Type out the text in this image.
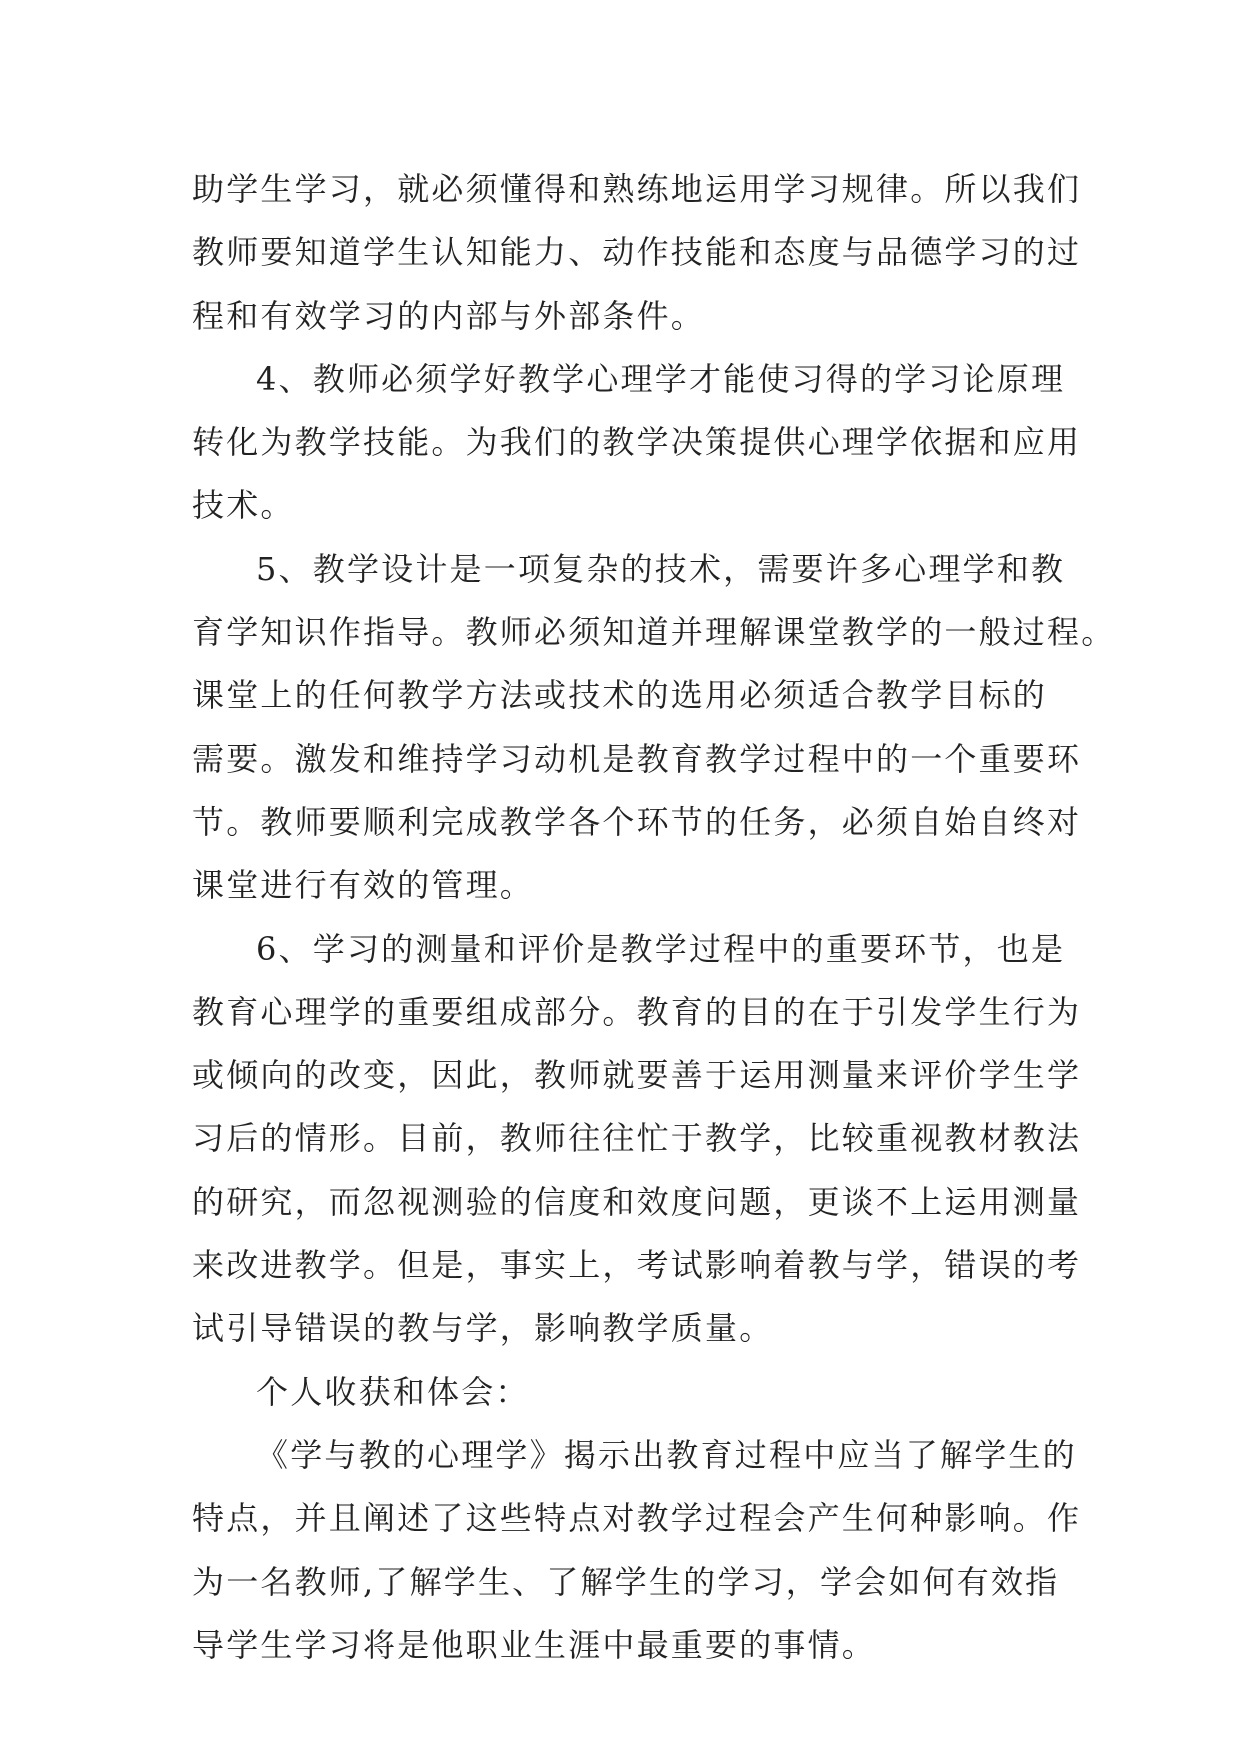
助学生学习，就必须懂得和熟练地运用学习规律。所以我们
教师要知道学生认知能力、动作技能和态度与品德学习的过
程和有效学习的内部与外部条件。
4、教师必须学好教学心理学才能使习得的学习论原理
转化为教学技能。为我们的教学决策提供心理学依据和应用
技术。
5、教学设计是一项复杂的技术，需要许多心理学和教
育学知识作指导。教师必须知道并理解课堂教学的一般过程。
课堂上的任何教学方法或技术的选用必须适合教学目标的
需要。激发和维持学习动机是教育教学过程中的一个重要环
节。教师要顺利完成教学各个环节的任务，必须自始自终对
课堂进行有效的管理。
6、学习的测量和评价是教学过程中的重要环节，也是
教育心理学的重要组成部分。教育的目的在于引发学生行为
或倾向的改变，因此，教师就要善于运用测量来评价学生学
习后的情形。目前，教师往往忙于教学，比较重视教材教法
的研究，而忽视测验的信度和效度问题，更谈不上运用测量
来改进教学。但是，事实上，考试影响着教与学，错误的考
试引导错误的教与学，影响教学质量。
个人收获和体会：
《学与教的心理学》揭示出教育过程中应当了解学生的
特点，并且阐述了这些特点对教学过程会产生何种影响。作
为一名教师,了解学生、了解学生的学习，学会如何有效指
导学生学习将是他职业生涯中最重要的事情。
